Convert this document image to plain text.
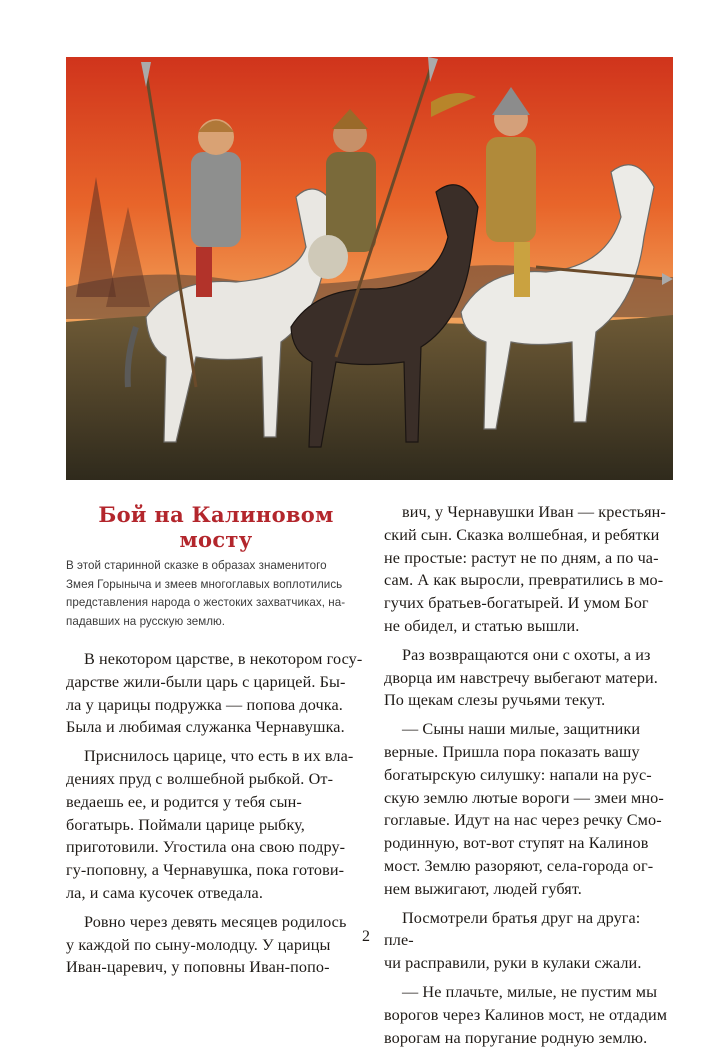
Бой на Калиновом
мосту
В этой старинной сказке в образах знаменитого
Змея Горыныча и змеев многоглавых воплотились
представления народа о жестоких захватчиках, на-
падавших на русскую землю.

В некотором царстве, в некотором госу-
дарстве жили-были царь с царицей. Бы-
ла у царицы подружка — попова дочка.
Была и любимая служанка Чернавушка.

Приснилось царице, что есть в их вла-
дениях пруд с волшебной рыбкой. От-
ведаешь ее, и родится у тебя сын-
богатырь. Поймали царице рыбку,
приготовили. Угостила она свою подру-
гу-поповну, а Чернавушка, пока готови-
ла, и сама кусочек отведала.

Ровно через девять месяцев родилось
у каждой по сыну-молодцу. У царицы
Иван-царевич, у поповны Иван-попо-

вич, у Чернавушки Иван — крестьян-
ский сын. Сказка волшебная, и ребятки
не простые: растут не по дням, а по ча-
сам. А как выросли, превратились в мо-
гучих братьев-богатырей. И умом Бог
не обидел, и статью вышли.

Раз возвращаются они с охоты, а из
дворца им навстречу выбегают матери.
По щекам слезы ручьями текут.

— Сыны наши милые, защитники
верные. Пришла пора показать вашу
богатырскую силушку: напали на рус-
скую землю лютые вороги — змеи мно-
гоглавые. Идут на нас через речку Смо-
родинную, вот-вот ступят на Калинов
мост. Землю разоряют, села-города ог-
нем выжигают, людей губят.

Посмотрели братья друг на друга: пле-
чи расправили, руки в кулаки сжали.

— Не плачьте, милые, не пустим мы
ворогов через Калинов мост, не отдадим
ворогам на поругание родную землю.

2
